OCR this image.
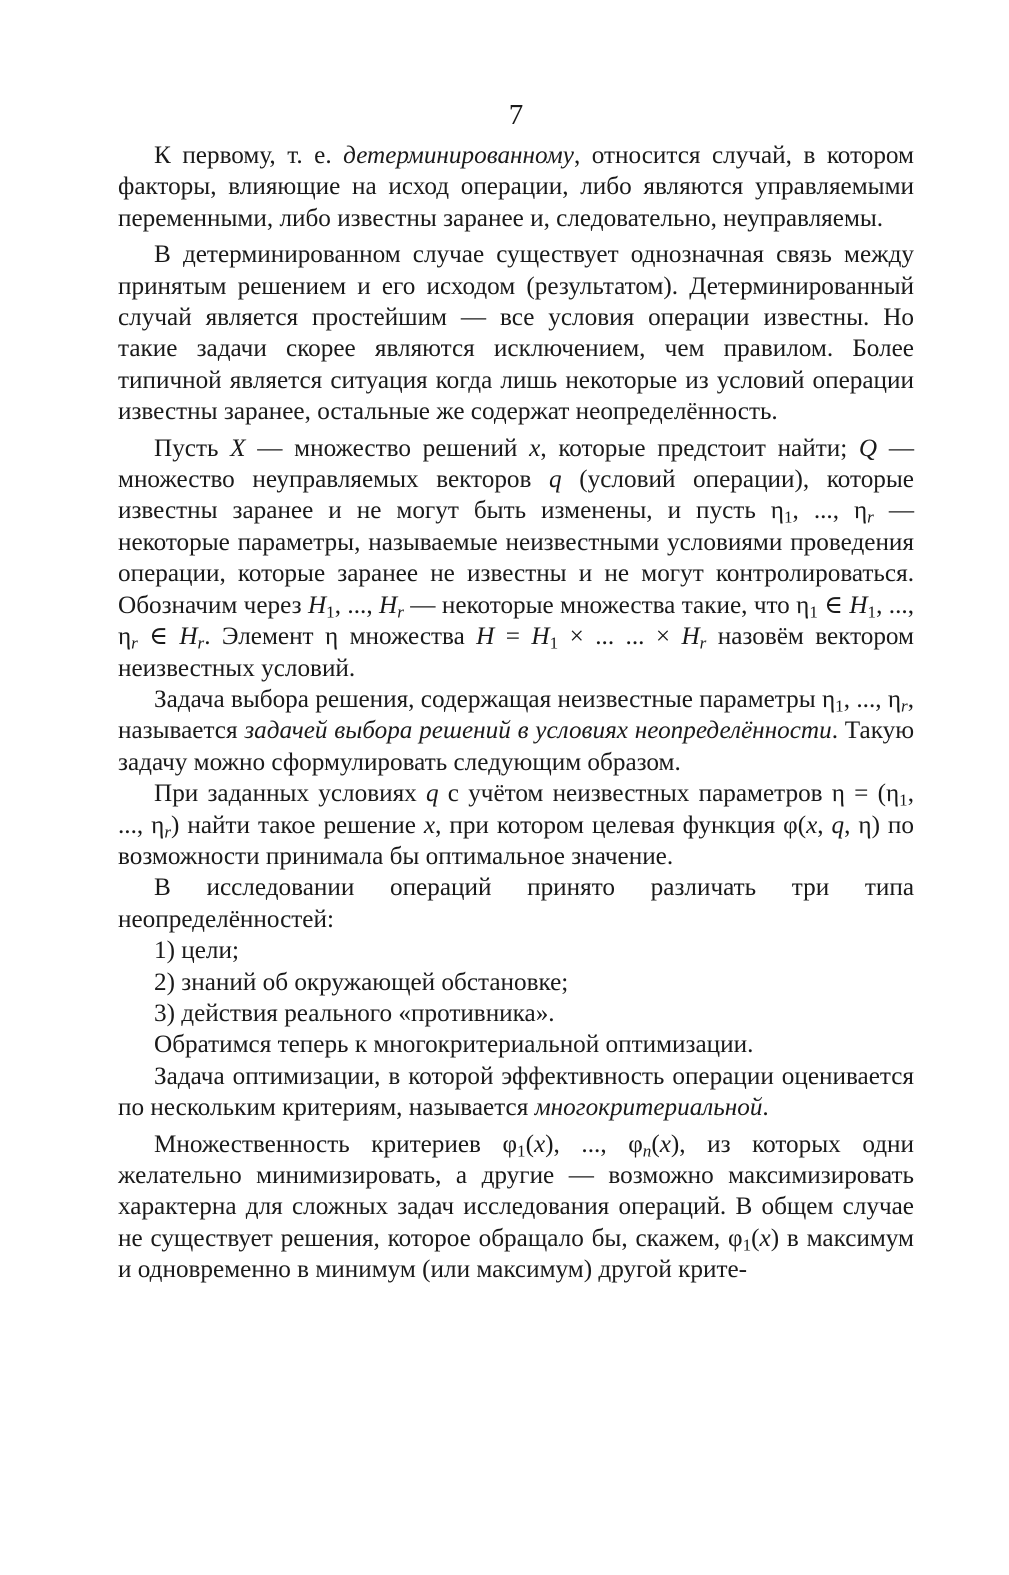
7

К первому, т. е. детерминированному, относится случай, в котором факторы, влияющие на исход операции, либо являются управляемыми переменными, либо известны заранее и, следовательно, неуправляемы.

В детерминированном случае существует однозначная связь между принятым решением и его исходом (результатом). Детерминированный случай является простейшим — все условия операции известны. Но такие задачи скорее являются исключением, чем правилом. Более типичной является ситуация когда лишь некоторые из условий операции известны заранее, остальные же содержат неопределённость.

Пусть X — множество решений x, которые предстоит найти; Q — множество неуправляемых векторов q (условий операции), которые известны заранее и не могут быть изменены, и пусть $\eta_1$, ..., $\eta_r$ — некоторые параметры, называемые неизвестными условиями проведения операции, которые заранее не известны и не могут контролироваться. Обозначим через $H_1$, ..., $H_r$ — некоторые множества такие, что $\eta_1$ ∈ $H_1$, ..., $\eta_r$ ∈ $H_r$. Элемент η множества $H = H_1$ × ... ... × $H_r$ назовём вектором неизвестных условий.

Задача выбора решения, содержащая неизвестные параметры $\eta_1$, ..., $\eta_r$, называется задачей выбора решений в условиях неопределённости. Такую задачу можно сформулировать следующим образом.

При заданных условиях q с учётом неизвестных параметров $\eta = (\eta_1$, ..., $\eta_r$) найти такое решение x, при котором целевая функция φ(x, q, η) по возможности принимала бы оптимальное значение.

В исследовании операций принято различать три типа неопределённостей:

1) цели;

2) знаний об окружающей обстановке;

3) действия реального «противника».

Обратимся теперь к многокритериальной оптимизации.

Задача оптимизации, в которой эффективность операции оценивается по нескольким критериям, называется многокритериальной.

Множественность критериев $\varphi_1(x)$, ..., $\varphi_n(x)$, из которых одни желательно минимизировать, а другие — возможно максимизировать характерна для сложных задач исследования операций. В общем случае не существует решения, которое обращало бы, скажем, $\varphi_1(x)$ в максимум и одновременно в минимум (или максимум) другой крите-
